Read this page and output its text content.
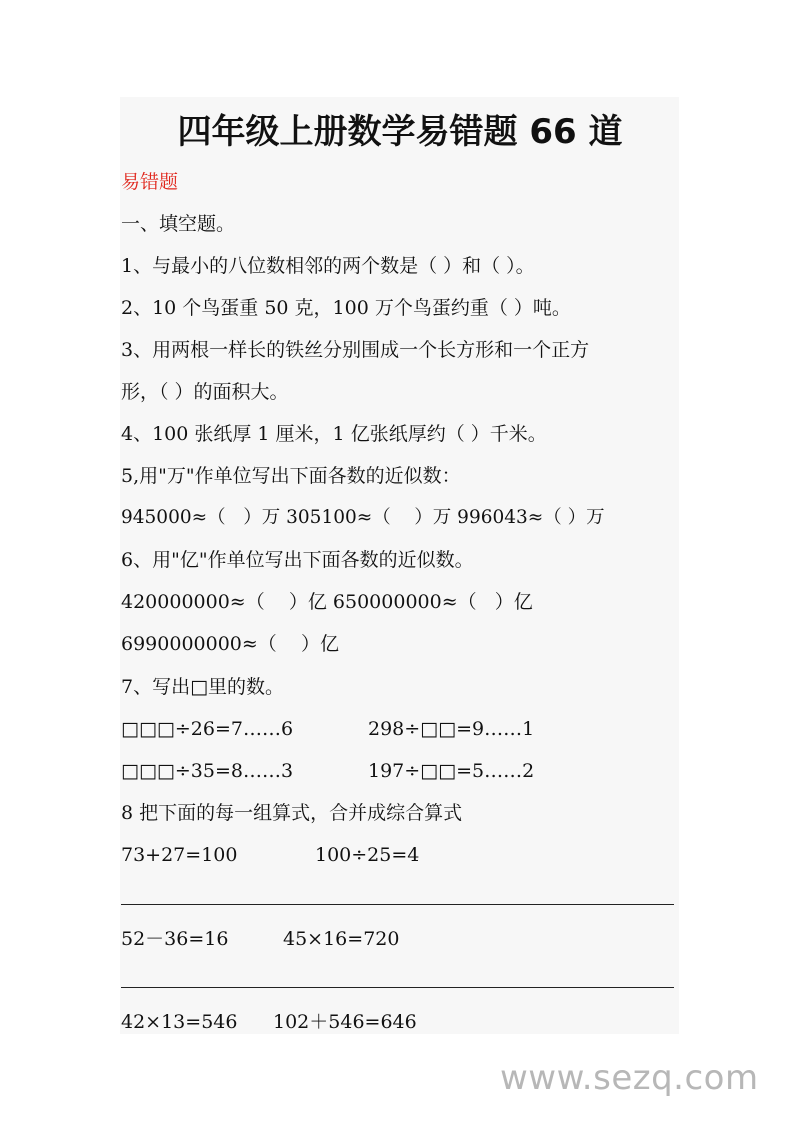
四年级上册数学易错题 66 道
易错题
一、填空题。
1、与最小的八位数相邻的两个数是（ ）和（ ）。
2、10 个鸟蛋重 50 克，100 万个鸟蛋约重（ ）吨。
3、用两根一样长的铁丝分别围成一个长方形和一个正方
形，（ ）的面积大。
4、100 张纸厚 1 厘米，1 亿张纸厚约（ ）千米。
5,用"万"作单位写出下面各数的近似数：
945000≈（   ）万 305100≈（    ）万 996043≈（ ）万
6、用"亿"作单位写出下面各数的近似数。
420000000≈（    ）亿 650000000≈（   ）亿
6990000000≈（    ）亿
7、写出□里的数。
□□□÷26=7……6	298÷□□=9……1
□□□÷35=8……3	197÷□□=5……2
8 把下面的每一组算式，合并成综合算式
73+27=100	100÷25=4
52－36=16	45×16=720
42×13=546 102＋546=646
www.sezq.com
